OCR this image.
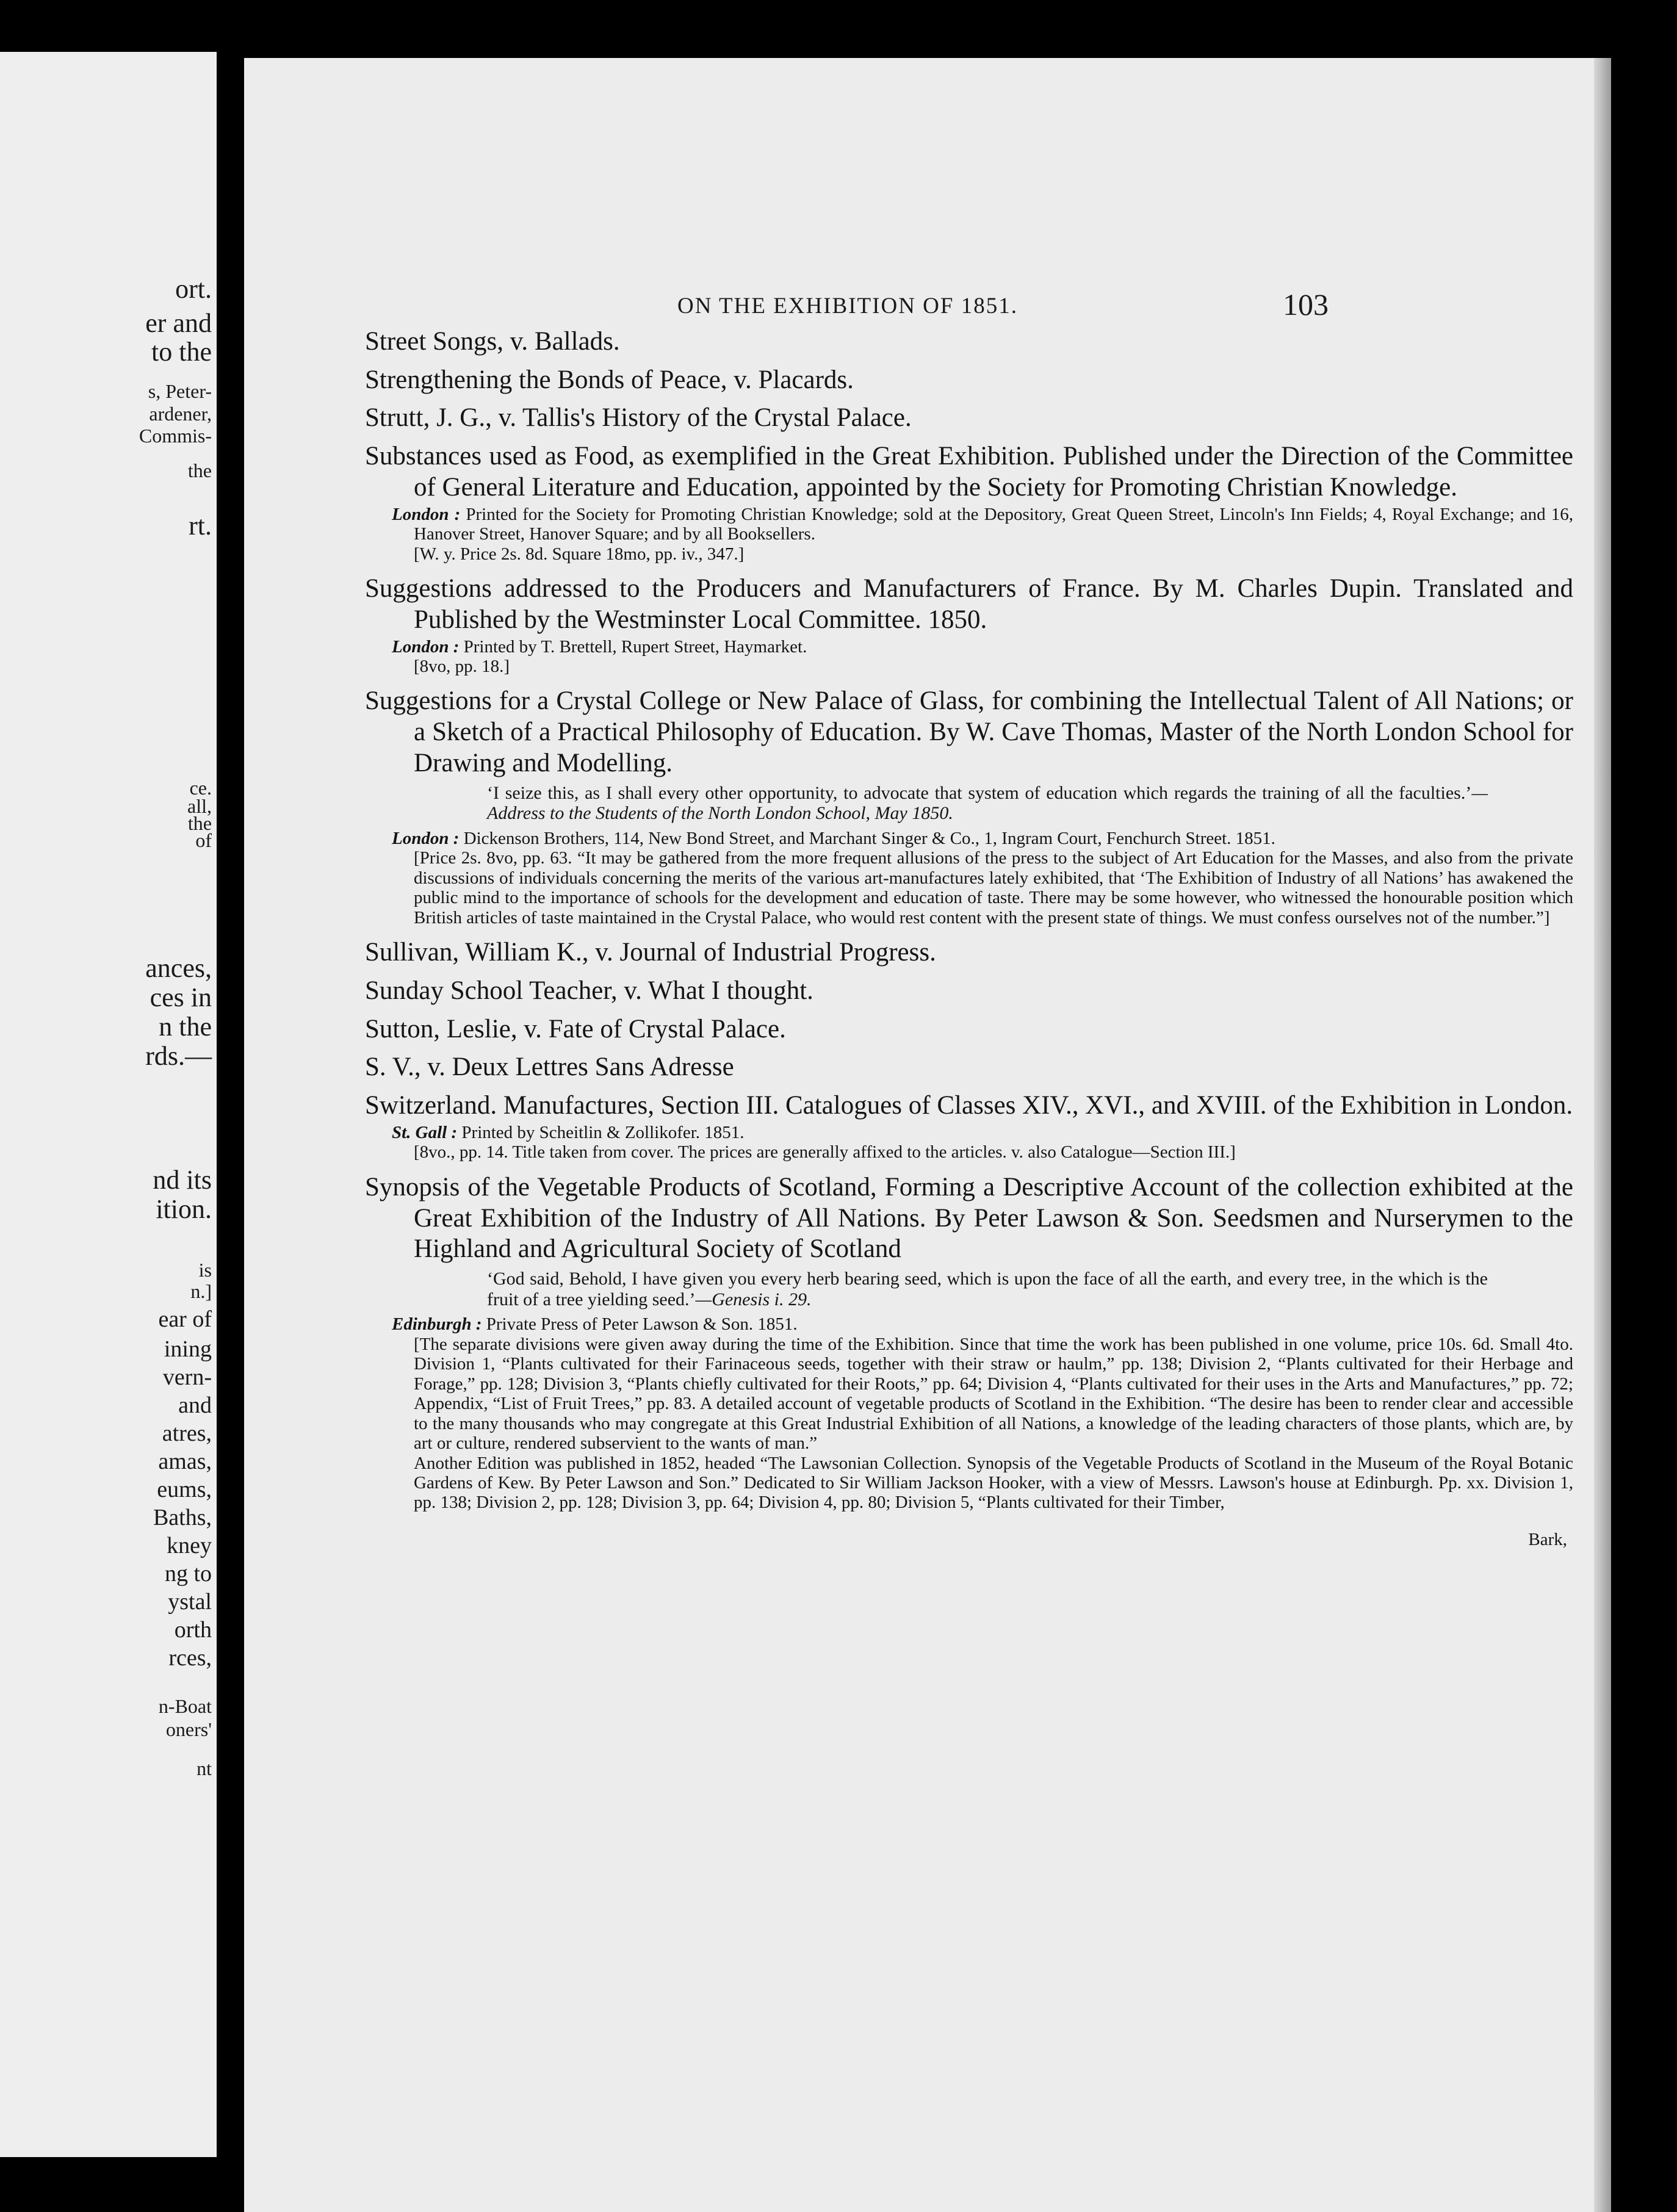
ort.
er and
to the
s, Peter-
ardener,
Commis-
the
rt.
ce.
all,
the
of
ances,
ces in
n the
rds.—
nd its
ition.
is
n.]
ear of
ining
vern-
and
atres,
amas,
eums,
Baths,
kney
ng to
ystal
orth
rces,
n-Boat
oners'
nt
ON THE EXHIBITION OF 1851.	103

Street Songs, v. Ballads.

Strengthening the Bonds of Peace, v. Placards.

Strutt, J. G., v. Tallis's History of the Crystal Palace.

Substances used as Food, as exemplified in the Great Exhibition. Published under the Direction of the Committee of General Literature and Education, appointed by the Society for Promoting Christian Knowledge.

London : Printed for the Society for Promoting Christian Knowledge; sold at the Depository, Great Queen Street, Lincoln's Inn Fields; 4, Royal Exchange; and 16, Hanover Street, Hanover Square; and by all Booksellers.

[W. y. Price 2s. 8d. Square 18mo, pp. iv., 347.]

Suggestions addressed to the Producers and Manufacturers of France. By M. Charles Dupin. Translated and Published by the Westminster Local Committee. 1850.

London : Printed by T. Brettell, Rupert Street, Haymarket.

[8vo, pp. 18.]

Suggestions for a Crystal College or New Palace of Glass, for combining the Intellectual Talent of All Nations; or a Sketch of a Practical Philosophy of Education. By W. Cave Thomas, Master of the North London School for Drawing and Modelling.

‘I seize this, as I shall every other opportunity, to advocate that system of education which regards the training of all the faculties.’—Address to the Students of the North London School, May 1850.

London : Dickenson Brothers, 114, New Bond Street, and Marchant Singer & Co., 1, Ingram Court, Fenchurch Street. 1851.

[Price 2s. 8vo, pp. 63. “It may be gathered from the more frequent allusions of the press to the subject of Art Education for the Masses, and also from the private discussions of individuals concerning the merits of the various art-manufactures lately exhibited, that ‘The Exhibition of Industry of all Nations’ has awakened the public mind to the importance of schools for the development and education of taste. There may be some however, who witnessed the honourable position which British articles of taste maintained in the Crystal Palace, who would rest content with the present state of things. We must confess ourselves not of the number.”]

Sullivan, William K., v. Journal of Industrial Progress.

Sunday School Teacher, v. What I thought.

Sutton, Leslie, v. Fate of Crystal Palace.

S. V., v. Deux Lettres Sans Adresse

Switzerland. Manufactures, Section III. Catalogues of Classes XIV., XVI., and XVIII. of the Exhibition in London.

St. Gall : Printed by Scheitlin & Zollikofer. 1851.

[8vo., pp. 14. Title taken from cover. The prices are generally affixed to the articles. v. also Catalogue—Section III.]

Synopsis of the Vegetable Products of Scotland, Forming a Descriptive Account of the collection exhibited at the Great Exhibition of the Industry of All Nations. By Peter Lawson & Son. Seedsmen and Nurserymen to the Highland and Agricultural Society of Scotland

‘God said, Behold, I have given you every herb bearing seed, which is upon the face of all the earth, and every tree, in the which is the fruit of a tree yielding seed.’—Genesis i. 29.

Edinburgh : Private Press of Peter Lawson & Son. 1851.

[The separate divisions were given away during the time of the Exhibition. Since that time the work has been published in one volume, price 10s. 6d. Small 4to. Division 1, “Plants cultivated for their Farinaceous seeds, together with their straw or haulm,” pp. 138; Division 2, “Plants cultivated for their Herbage and Forage,” pp. 128; Division 3, “Plants chiefly cultivated for their Roots,” pp. 64; Division 4, “Plants cultivated for their uses in the Arts and Manufactures,” pp. 72; Appendix, “List of Fruit Trees,” pp. 83. A detailed account of vegetable products of Scotland in the Exhibition. “The desire has been to render clear and accessible to the many thousands who may congregate at this Great Industrial Exhibition of all Nations, a knowledge of the leading characters of those plants, which are, by art or culture, rendered subservient to the wants of man.”

Another Edition was published in 1852, headed “The Lawsonian Collection. Synopsis of the Vegetable Products of Scotland in the Museum of the Royal Botanic Gardens of Kew. By Peter Lawson and Son.” Dedicated to Sir William Jackson Hooker, with a view of Messrs. Lawson's house at Edinburgh. Pp. xx. Division 1, pp. 138; Division 2, pp. 128; Division 3, pp. 64; Division 4, pp. 80; Division 5, “Plants cultivated for their Timber,

Bark,
